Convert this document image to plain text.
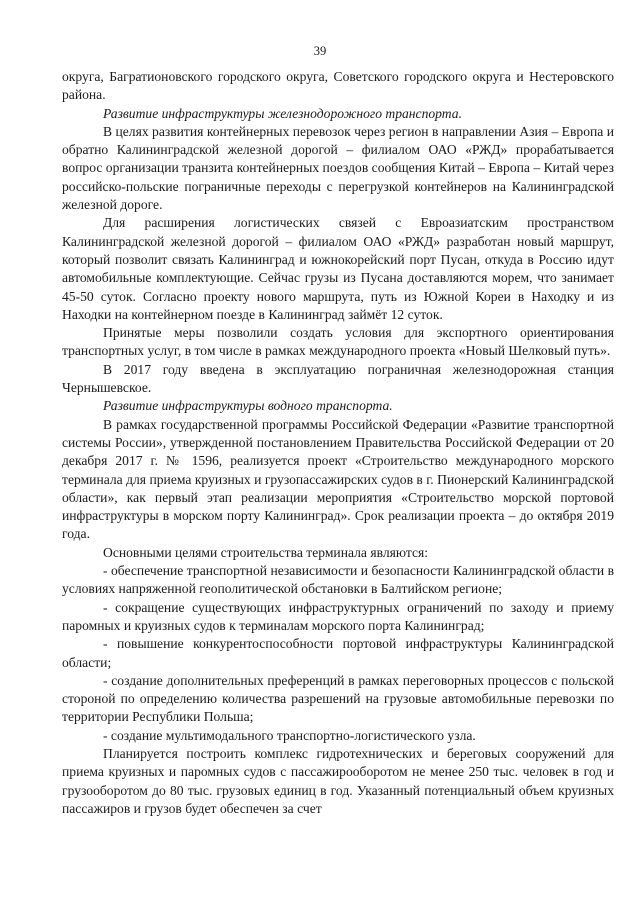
39

округа, Багратионовского городского округа, Советского городского округа и Нестеровского района.

Развитие инфраструктуры железнодорожного транспорта.

В целях развития контейнерных перевозок через регион в направлении Азия – Европа и обратно Калининградской железной дорогой – филиалом ОАО «РЖД» прорабатывается вопрос организации транзита контейнерных поездов сообщения Китай – Европа – Китай через российско-польские пограничные переходы с перегрузкой контейнеров на Калининградской железной дороге.

Для расширения логистических связей с Евроазиатским пространством Калининградской железной дорогой – филиалом ОАО «РЖД» разработан новый маршрут, который позволит связать Калининград и южнокорейский порт Пусан, откуда в Россию идут автомобильные комплектующие. Сейчас грузы из Пусана доставляются морем, что занимает 45-50 суток. Согласно проекту нового маршрута, путь из Южной Кореи в Находку и из Находки на контейнерном поезде в Калининград займёт 12 суток.

Принятые меры позволили создать условия для экспортного ориентирования транспортных услуг, в том числе в рамках международного проекта «Новый Шелковый путь».

В 2017 году введена в эксплуатацию пограничная железнодорожная станция Чернышевское.

Развитие инфраструктуры водного транспорта.

В рамках государственной программы Российской Федерации «Развитие транспортной системы России», утвержденной постановлением Правительства Российской Федерации от 20 декабря 2017 г. № 1596, реализуется проект «Строительство международного морского терминала для приема круизных и грузопассажирских судов в г. Пионерский Калининградской области», как первый этап реализации мероприятия «Строительство морской портовой инфраструктуры в морском порту Калининград». Срок реализации проекта – до октября 2019 года.

Основными целями строительства терминала являются:

- обеспечение транспортной независимости и безопасности Калининградской области в условиях напряженной геополитической обстановки в Балтийском регионе;

- сокращение существующих инфраструктурных ограничений по заходу и приему паромных и круизных судов к терминалам морского порта Калининград;

- повышение конкурентоспособности портовой инфраструктуры Калининградской области;

- создание дополнительных преференций в рамках переговорных процессов с польской стороной по определению количества разрешений на грузовые автомобильные перевозки по территории Республики Польша;

- создание мультимодального транспортно-логистического узла.

Планируется построить комплекс гидротехнических и береговых сооружений для приема круизных и паромных судов с пассажирооборотом не менее 250 тыс. человек в год и грузооборотом до 80 тыс. грузовых единиц в год. Указанный потенциальный объем круизных пассажиров и грузов будет обеспечен за счет
